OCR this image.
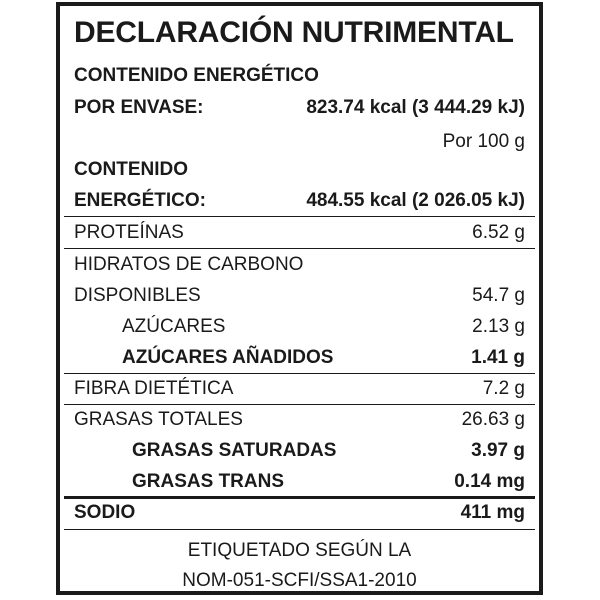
DECLARACIÓN NUTRIMENTAL
CONTENIDO ENERGÉTICO
POR ENVASE:	823.74 kcal (3 444.29 kJ)
Por 100 g
CONTENIDO
ENERGÉTICO:	484.55 kcal (2 026.05 kJ)
PROTEÍNAS	6.52 g
HIDRATOS DE CARBONO
DISPONIBLES	54.7 g
AZÚCARES	2.13 g
AZÚCARES AÑADIDOS	1.41 g
FIBRA DIETÉTICA	7.2 g
GRASAS TOTALES	26.63 g
GRASAS SATURADAS	3.97 g
GRASAS TRANS	0.14 mg
SODIO	411 mg
ETIQUETADO SEGÚN LA
NOM-051-SCFI/SSA1-2010
